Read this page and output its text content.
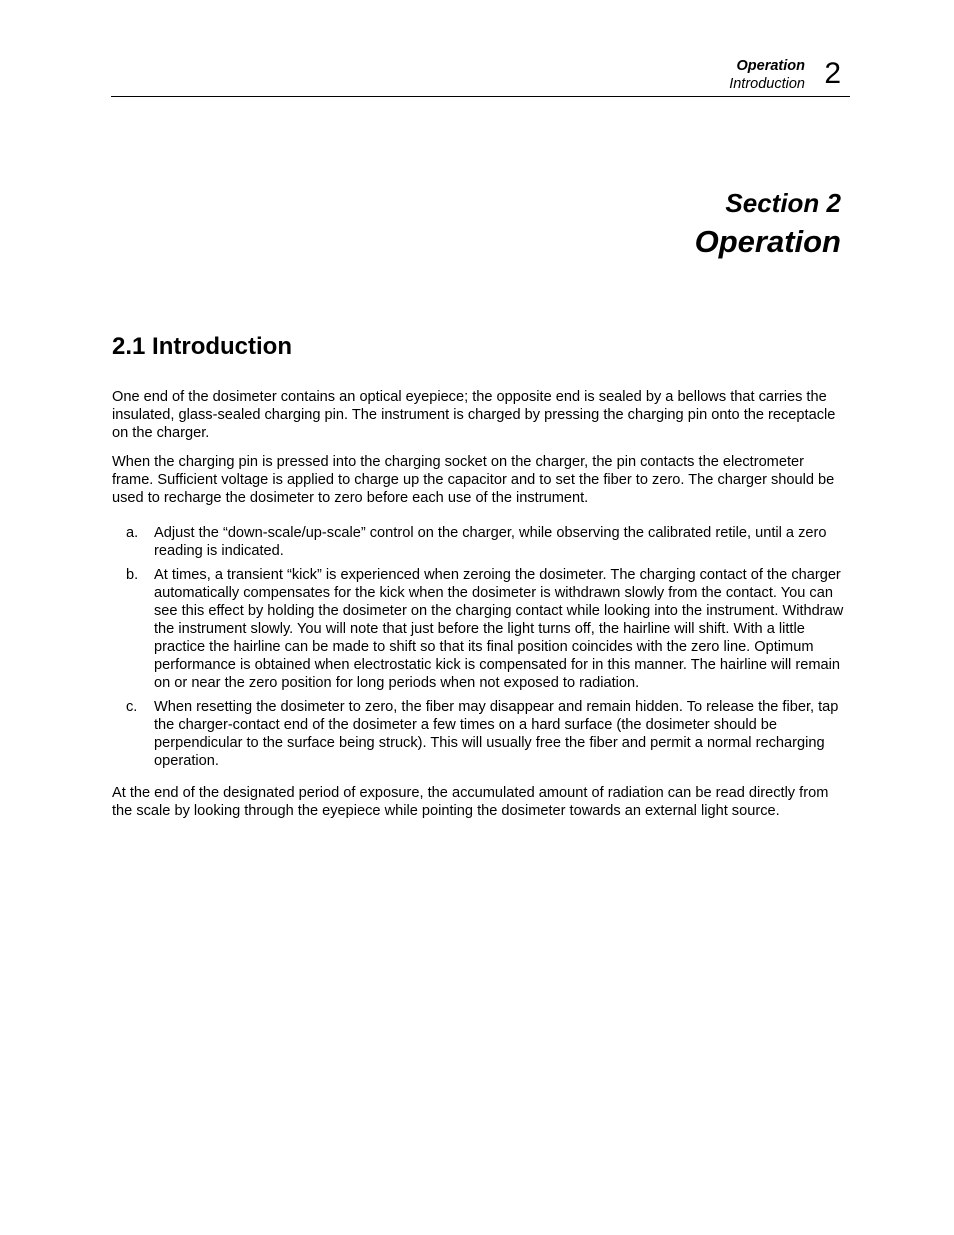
Operation
Introduction 2
Section 2
Operation
2.1 Introduction

One end of the dosimeter contains an optical eyepiece; the opposite end is sealed by a bellows that carries the insulated, glass-sealed charging pin. The instrument is charged by pressing the charging pin onto the receptacle on the charger.

When the charging pin is pressed into the charging socket on the charger, the pin contacts the electrometer frame. Sufficient voltage is applied to charge up the capacitor and to set the fiber to zero. The charger should be used to recharge the dosimeter to zero before each use of the instrument.

a. Adjust the “down-scale/up-scale” control on the charger, while observing the calibrated retile, until a zero reading is indicated.
b. At times, a transient “kick” is experienced when zeroing the dosimeter. The charging contact of the charger automatically compensates for the kick when the dosimeter is withdrawn slowly from the contact. You can see this effect by holding the dosimeter on the charging contact while looking into the instrument. Withdraw the instrument slowly. You will note that just before the light turns off, the hairline will shift. With a little practice the hairline can be made to shift so that its final position coincides with the zero line. Optimum performance is obtained when electrostatic kick is compensated for in this manner. The hairline will remain on or near the zero position for long periods when not exposed to radiation.
c. When resetting the dosimeter to zero, the fiber may disappear and remain hidden. To release the fiber, tap the charger-contact end of the dosimeter a few times on a hard surface (the dosimeter should be perpendicular to the surface being struck). This will usually free the fiber and permit a normal recharging operation.

At the end of the designated period of exposure, the accumulated amount of radiation can be read directly from the scale by looking through the eyepiece while pointing the dosimeter towards an external light source.
